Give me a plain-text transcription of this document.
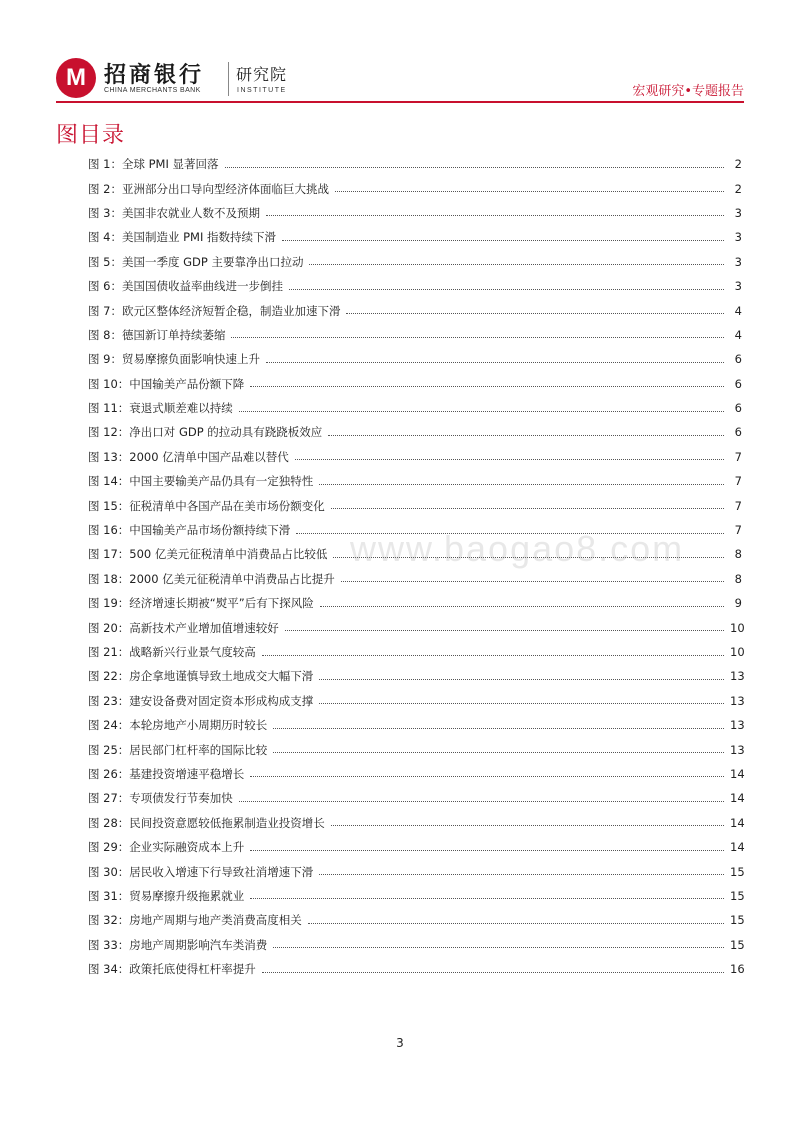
M 招商银行
CHINA MERCHANTS BANK
研究院
INSTITUTE	宏观研究•专题报告
图目录
图 1：全球 PMI 显著回落	2
图 2：亚洲部分出口导向型经济体面临巨大挑战	2
图 3：美国非农就业人数不及预期	3
图 4：美国制造业 PMI 指数持续下滑	3
图 5：美国一季度 GDP 主要靠净出口拉动	3
图 6：美国国债收益率曲线进一步倒挂	3
图 7：欧元区整体经济短暂企稳，制造业加速下滑	4
图 8：德国新订单持续萎缩	4
图 9：贸易摩擦负面影响快速上升	6
图 10：中国输美产品份额下降	6
图 11：衰退式顺差难以持续	6
图 12：净出口对 GDP 的拉动具有跷跷板效应	6
图 13：2000 亿清单中国产品难以替代	7
图 14：中国主要输美产品仍具有一定独特性	7
图 15：征税清单中各国产品在美市场份额变化	7
图 16：中国输美产品市场份额持续下滑	7
图 17：500 亿美元征税清单中消费品占比较低	8
图 18：2000 亿美元征税清单中消费品占比提升	8
图 19：经济增速长期被“熨平”后有下探风险	9
图 20：高新技术产业增加值增速较好	10
图 21：战略新兴行业景气度较高	10
图 22：房企拿地谨慎导致土地成交大幅下滑	13
图 23：建安设备费对固定资本形成构成支撑	13
图 24：本轮房地产小周期历时较长	13
图 25：居民部门杠杆率的国际比较	13
图 26：基建投资增速平稳增长	14
图 27：专项债发行节奏加快	14
图 28：民间投资意愿较低拖累制造业投资增长	14
图 29：企业实际融资成本上升	14
图 30：居民收入增速下行导致社消增速下滑	15
图 31：贸易摩擦升级拖累就业	15
图 32：房地产周期与地产类消费高度相关	15
图 33：房地产周期影响汽车类消费	15
图 34：政策托底使得杠杆率提升	16
www.baogao8.com
3
